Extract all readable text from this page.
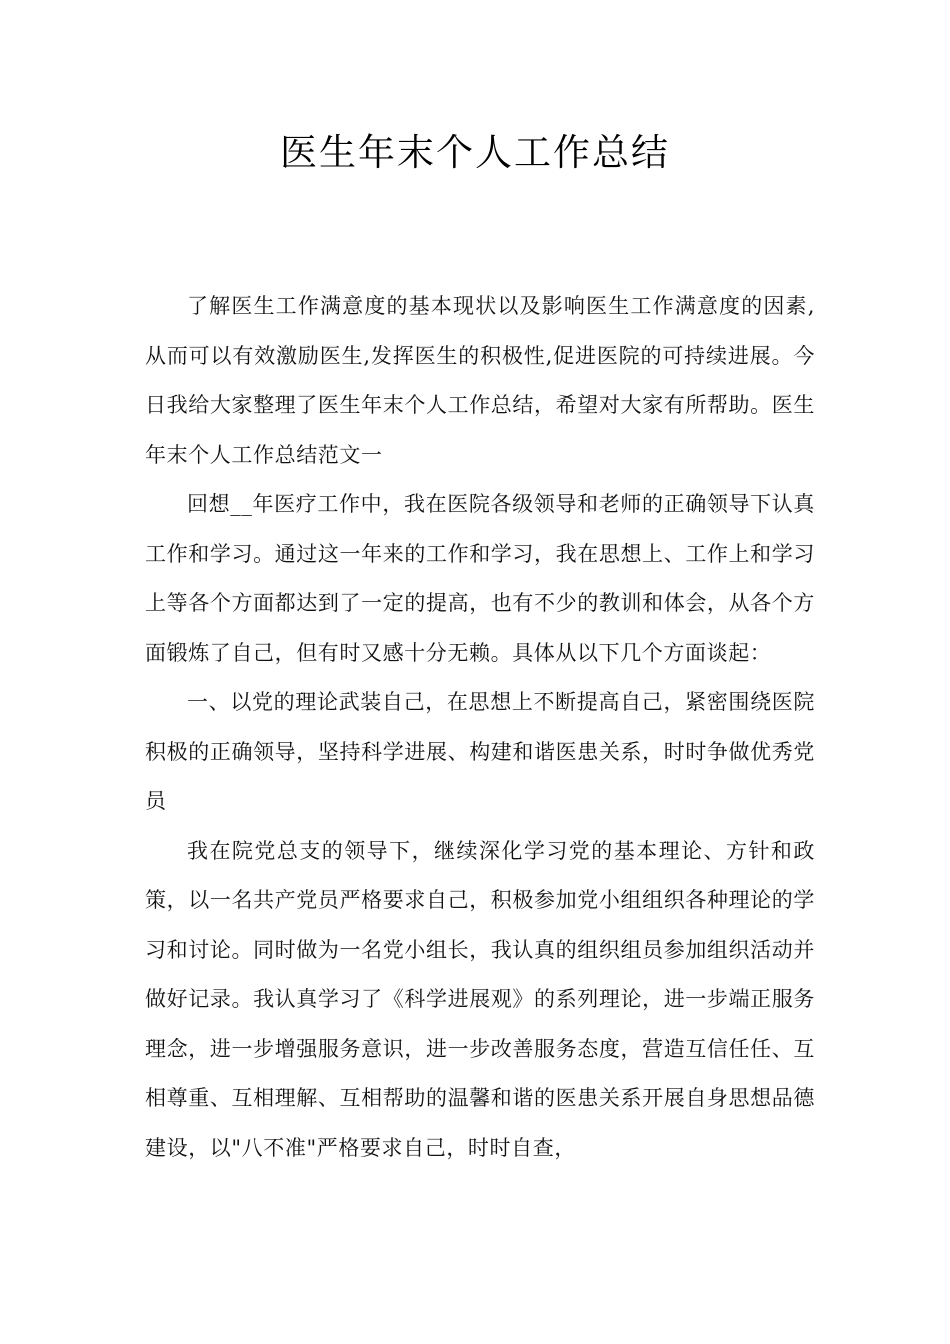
医生年末个人工作总结

了解医生工作满意度的基本现状以及影响医生工作满意度的因素,从而可以有效激励医生,发挥医生的积极性,促进医院的可持续进展。今日我给大家整理了医生年末个人工作总结，希望对大家有所帮助。医生年末个人工作总结范文一

回想__年医疗工作中，我在医院各级领导和老师的正确领导下认真工作和学习。通过这一年来的工作和学习，我在思想上、工作上和学习上等各个方面都达到了一定的提高，也有不少的教训和体会，从各个方面锻炼了自己，但有时又感十分无赖。具体从以下几个方面谈起：

一、以党的理论武装自己，在思想上不断提高自己，紧密围绕医院积极的正确领导，坚持科学进展、构建和谐医患关系，时时争做优秀党员

我在院党总支的领导下，继续深化学习党的基本理论、方针和政策，以一名共产党员严格要求自己，积极参加党小组组织各种理论的学习和讨论。同时做为一名党小组长，我认真的组织组员参加组织活动并做好记录。我认真学习了《科学进展观》的系列理论，进一步端正服务理念，进一步增强服务意识，进一步改善服务态度，营造互信任任、互相尊重、互相理解、互相帮助的温馨和谐的医患关系开展自身思想品德建设，以"八不准"严格要求自己，时时自查，
